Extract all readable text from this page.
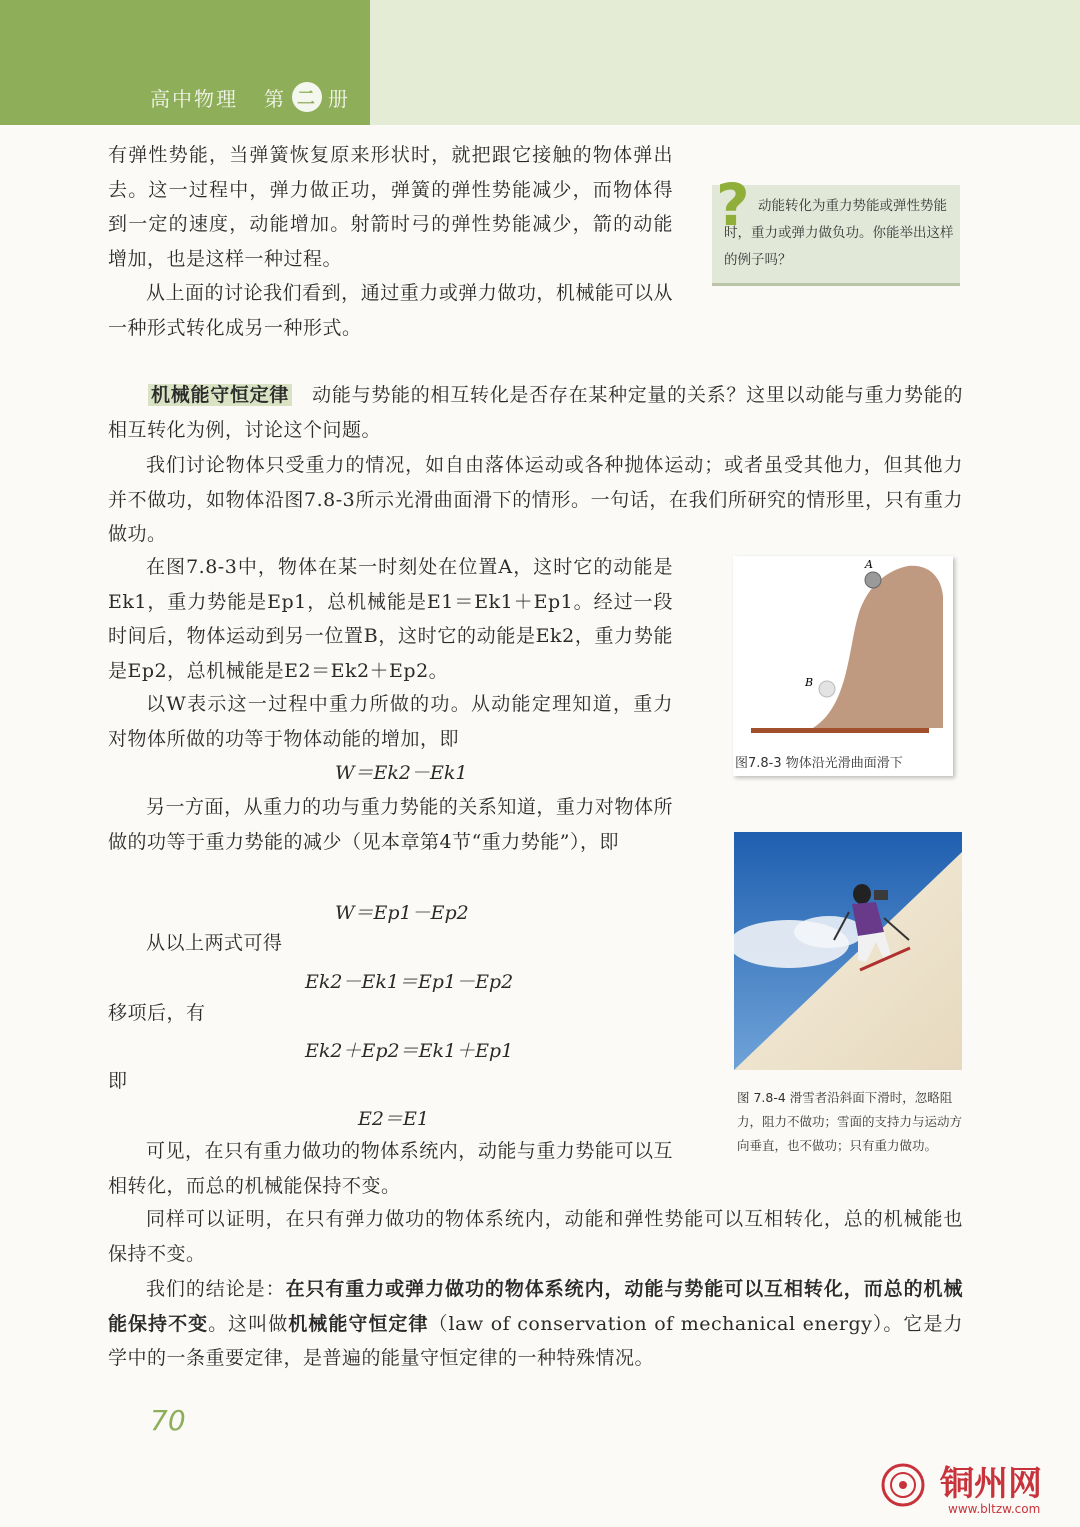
高中物理 第 二 册

有弹性势能，当弹簧恢复原来形状时，就把跟它接触的物体弹出去。这一过程中，弹力做正功，弹簧的弹性势能减少，而物体得到一定的速度，动能增加。射箭时弓的弹性势能减少，箭的动能增加，也是这样一种过程。

从上面的讨论我们看到，通过重力或弹力做功，机械能可以从一种形式转化成另一种形式。

? 动能转化为重力势能或弹性势能时，重力或弹力做负功。你能举出这样的例子吗？

机械能守恒定律 动能与势能的相互转化是否存在某种定量的关系？这里以动能与重力势能的相互转化为例，讨论这个问题。

我们讨论物体只受重力的情况，如自由落体运动或各种抛体运动；或者虽受其他力，但其他力并不做功，如物体沿图7.8-3所示光滑曲面滑下的情形。一句话，在我们所研究的情形里，只有重力做功。

在图7.8-3中，物体在某一时刻处在位置A，这时它的动能是Ek1，重力势能是Ep1，总机械能是E1＝Ek1＋Ep1。经过一段时间后，物体运动到另一位置B，这时它的动能是Ek2，重力势能是Ep2，总机械能是E2＝Ek2＋Ep2。

以W表示这一过程中重力所做的功。从动能定理知道，重力对物体所做的功等于物体动能的增加，即

W＝Ek2－Ek1

另一方面，从重力的功与重力势能的关系知道，重力对物体所做的功等于重力势能的减少（见本章第4节“重力势能”），即

W＝Ep1－Ep2

从以上两式可得

Ek2－Ek1＝Ep1－Ep2

移项后，有

Ek2＋Ep2＝Ek1＋Ep1

即

E2＝E1

可见，在只有重力做功的物体系统内，动能与重力势能可以互相转化，而总的机械能保持不变。

同样可以证明，在只有弹力做功的物体系统内，动能和弹性势能可以互相转化，总的机械能也保持不变。

我们的结论是：在只有重力或弹力做功的物体系统内，动能与势能可以互相转化，而总的机械能保持不变。这叫做机械能守恒定律（law of conservation of mechanical energy）。它是力学中的一条重要定律，是普遍的能量守恒定律的一种特殊情况。

A
B
图7.8-3 物体沿光滑曲面滑下
图 7.8-4 滑雪者沿斜面下滑时，忽略阻力，阻力不做功；雪面的支持力与运动方向垂直，也不做功；只有重力做功。
70
铜州网
www.bltzw.com
